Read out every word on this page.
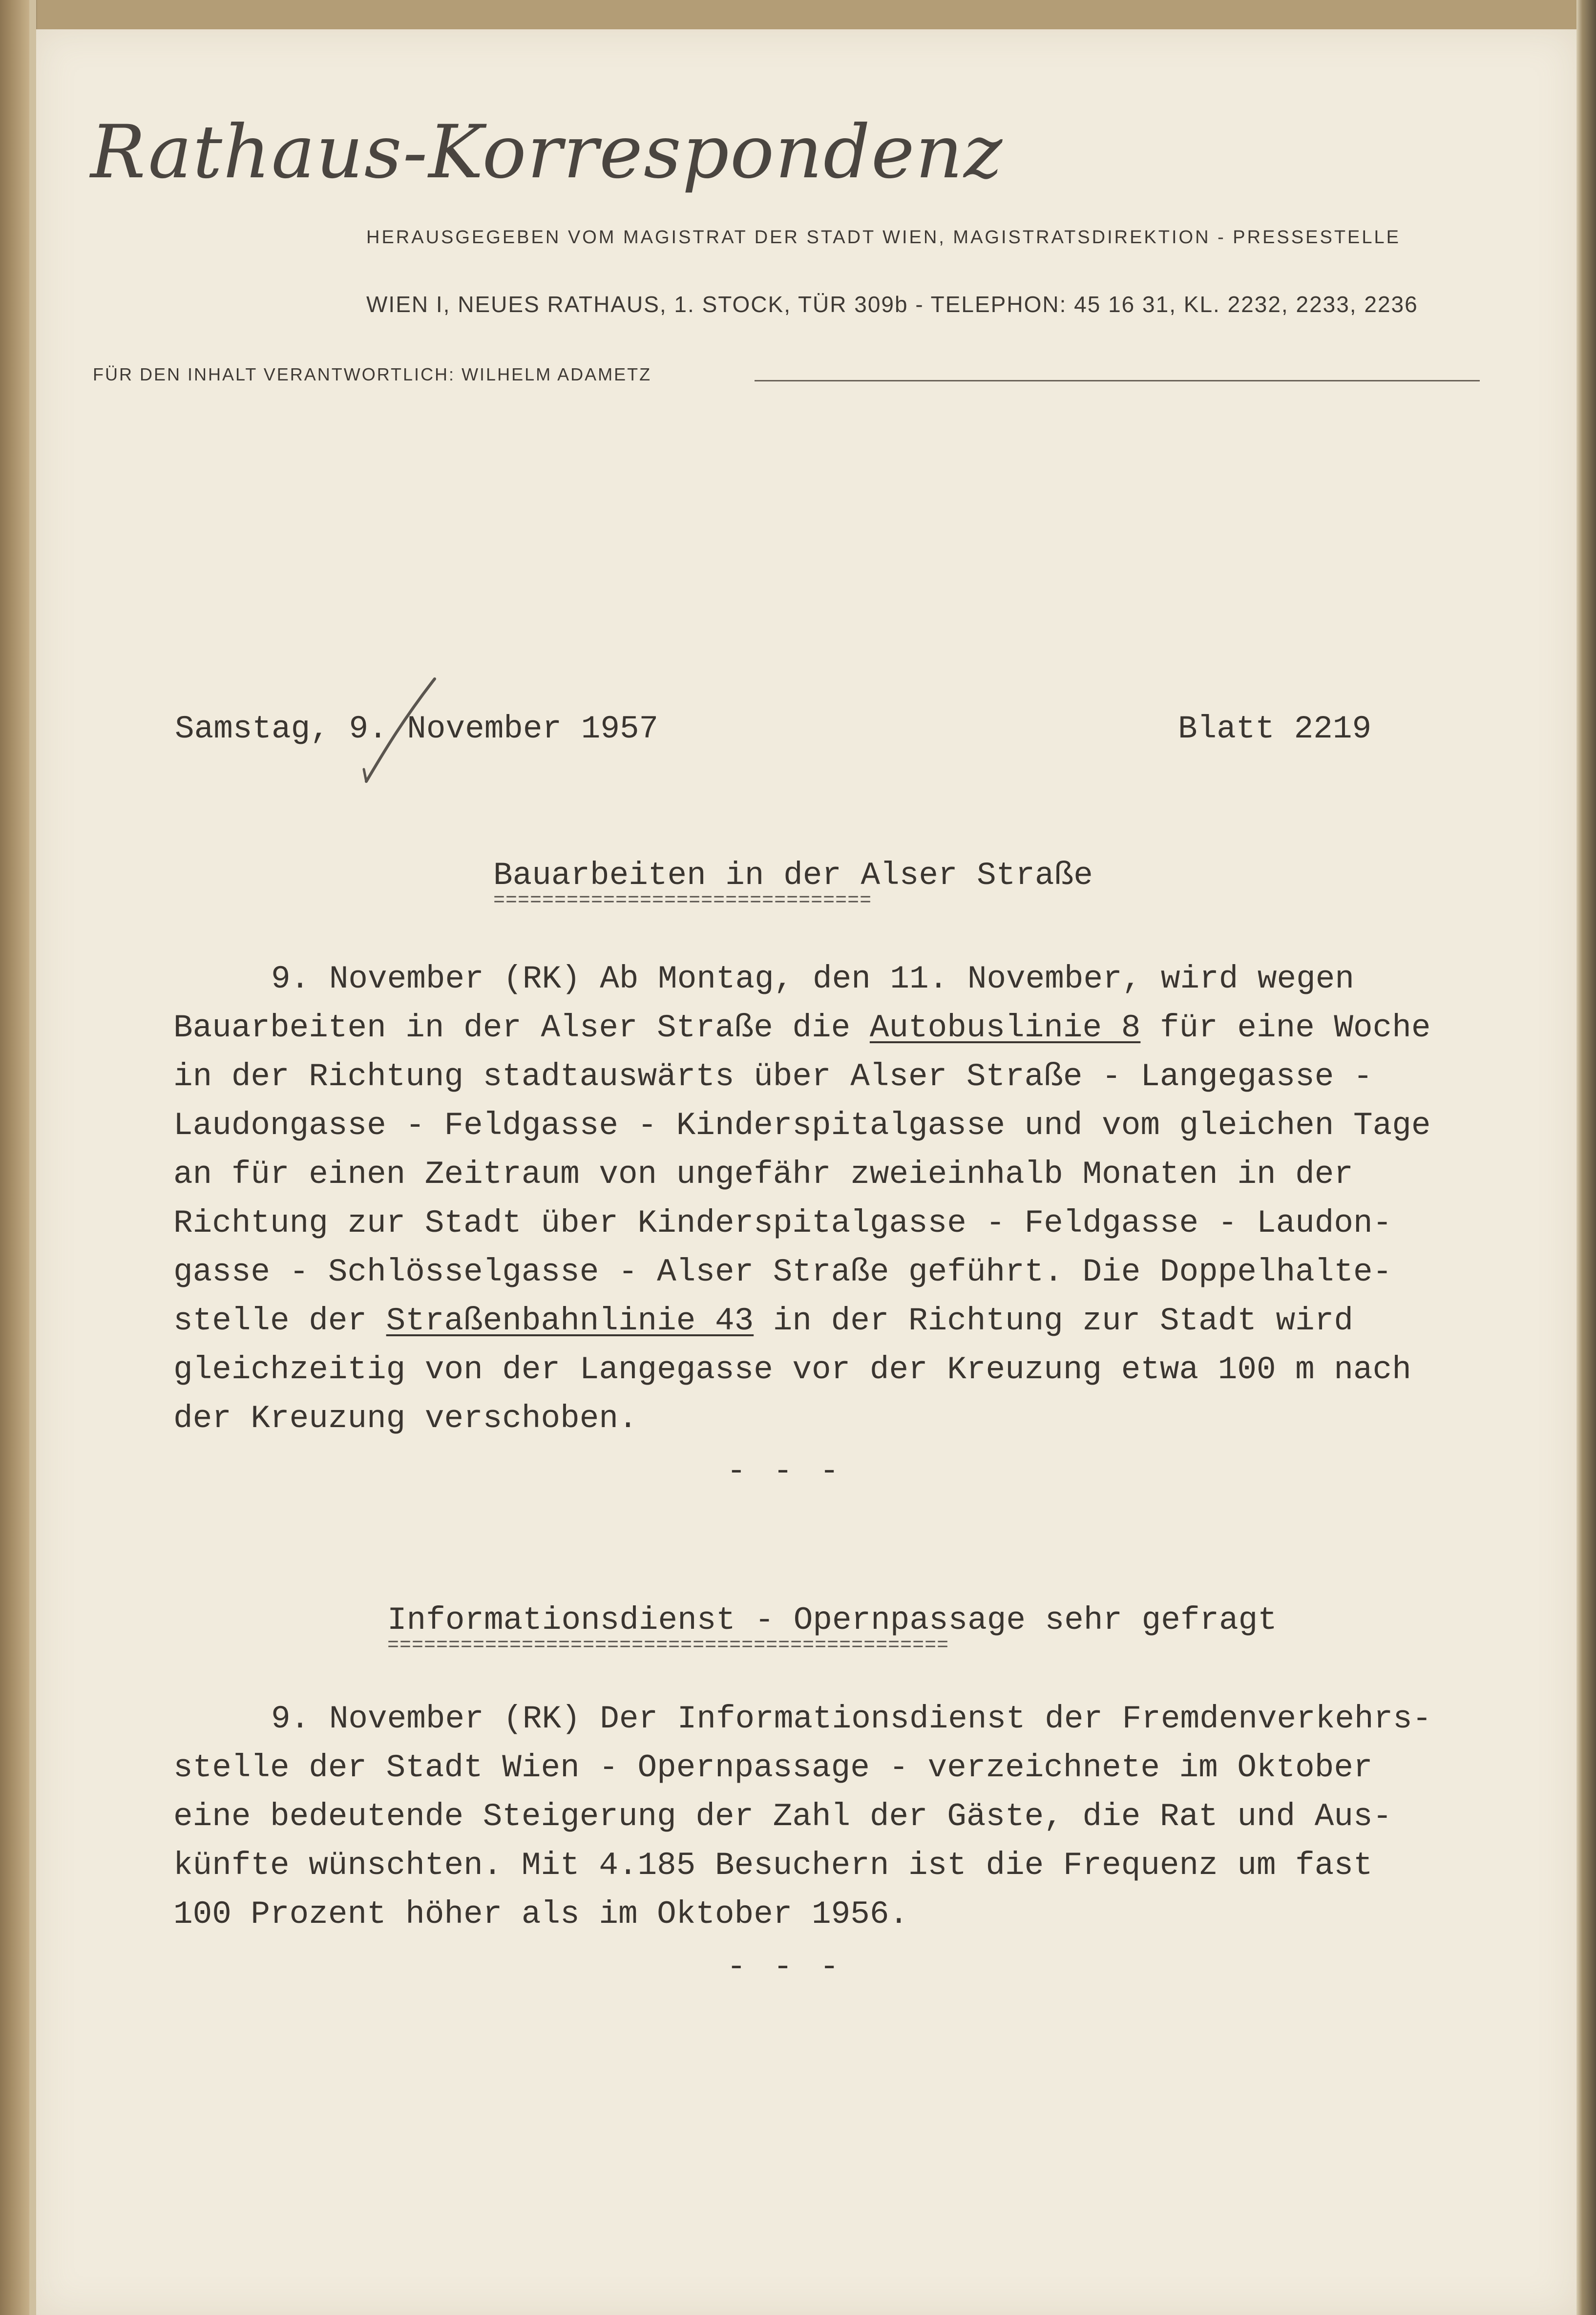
Rathaus-Korrespondenz
HERAUSGEGEBEN VOM MAGISTRAT DER STADT WIEN, MAGISTRATSDIREKTION - PRESSESTELLE
WIEN I, NEUES RATHAUS, 1. STOCK, TÜR 309b - TELEPHON: 45 16 31, KL. 2232, 2233, 2236
FÜR DEN INHALT VERANTWORTLICH: WILHELM ADAMETZ
Samstag, 9. November 1957	Blatt 2219
Bauarbeiten in der Alser Straße
===============================
9. November (RK) Ab Montag, den 11. November, wird wegen
Bauarbeiten in der Alser Straße die Autobuslinie 8 für eine Woche
in der Richtung stadtauswärts über Alser Straße - Langegasse -
Laudongasse - Feldgasse - Kinderspitalgasse und vom gleichen Tage
an für einen Zeitraum von ungefähr zweieinhalb Monaten in der
Richtung zur Stadt über Kinderspitalgasse - Feldgasse - Laudon-
gasse - Schlösselgasse - Alser Straße geführt. Die Doppelhalte-
stelle der Straßenbahnlinie 43 in der Richtung zur Stadt wird
gleichzeitig von der Langegasse vor der Kreuzung etwa 100 m nach
der Kreuzung verschoben.
- - -
Informationsdienst - Opernpassage sehr gefragt
==============================================
9. November (RK) Der Informationsdienst der Fremdenverkehrs-
stelle der Stadt Wien - Opernpassage - verzeichnete im Oktober
eine bedeutende Steigerung der Zahl der Gäste, die Rat und Aus-
künfte wünschten. Mit 4.185 Besuchern ist die Frequenz um fast
100 Prozent höher als im Oktober 1956.
- - -
